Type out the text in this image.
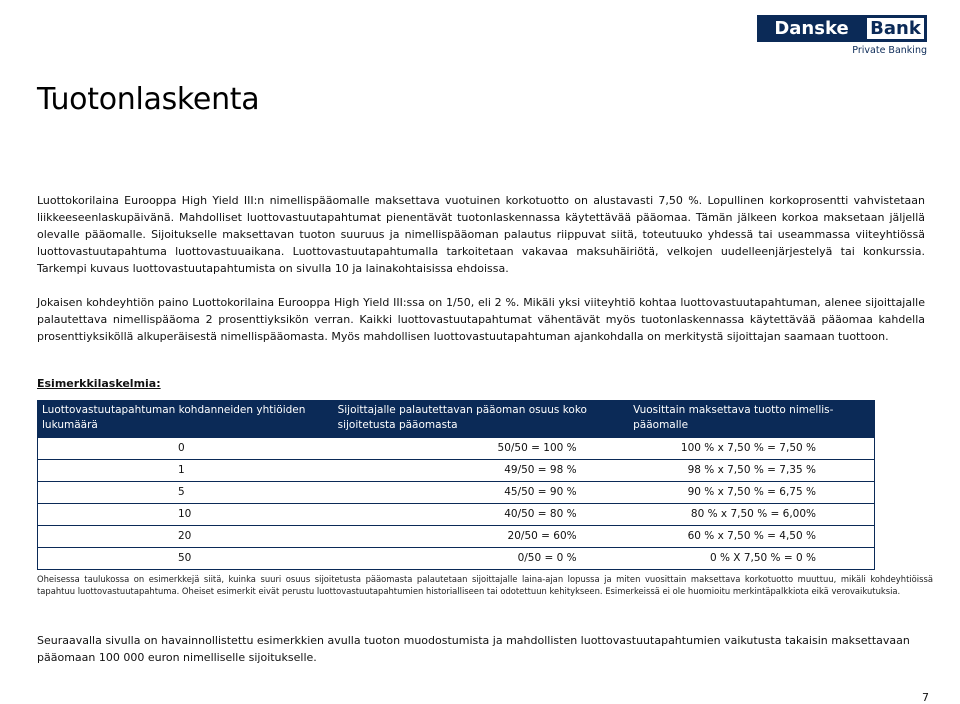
Danske	Bank
Private Banking
Tuotonlaskenta

Luottokorilaina Eurooppa High Yield III:n nimellispääomalle maksettava vuotuinen korkotuotto on alustavasti 7,50 %. Lopullinen korkoprosentti vahvistetaan liikkeeseenlaskupäivänä. Mahdolliset luottovastuutapahtumat pienentävät tuotonlaskennassa käytettävää pääomaa. Tämän jälkeen korkoa maksetaan jäljellä olevalle pääomalle. Sijoitukselle maksettavan tuoton suuruus ja nimellispääoman palautus riippuvat siitä, toteutuuko yhdessä tai useammassa viiteyhtiössä luottovastuutapahtuma luottovastuuaikana. Luottovastuutapahtumalla tarkoitetaan vakavaa maksuhäiriötä, velkojen uudelleenjärjestelyä tai konkurssia. Tarkempi kuvaus luottovastuutapahtumista on sivulla 10 ja lainakohtaisissa ehdoissa.

Jokaisen kohdeyhtiön paino Luottokorilaina Eurooppa High Yield III:ssa on 1/50, eli 2 %. Mikäli yksi viiteyhtiö kohtaa luottovastuutapahtuman, alenee sijoittajalle palautettava nimellispääoma 2 prosenttiyksikön verran. Kaikki luottovastuutapahtumat vähentävät myös tuotonlaskennassa käytettävää pääomaa kahdella prosenttiyksiköllä alkuperäisestä nimellispääomasta. Myös mahdollisen luottovastuutapahtuman ajankohdalla on merkitystä sijoittajan saamaan tuottoon.

Esimerkkilaskelmia:
Luottovastuutapahtuman kohdanneiden yhtiöiden lukumäärä	Sijoittajalle palautettavan pääoman osuus koko sijoitetusta pääomasta	Vuosittain maksettava tuotto nimellis-pääomalle
0	50/50 = 100 %	100 % x 7,50 % = 7,50 %
1	49/50 = 98 %	98 % x 7,50 % = 7,35 %
5	45/50 = 90 %	90 % x 7,50 % = 6,75 %
10	40/50 = 80 %	80 % x 7,50 % = 6,00%
20	20/50 = 60%	60 % x 7,50 % = 4,50 %
50	0/50 = 0 %	0 % X 7,50 % = 0 %

Oheisessa taulukossa on esimerkkejä siitä, kuinka suuri osuus sijoitetusta pääomasta palautetaan sijoittajalle laina-ajan lopussa ja miten vuosittain maksettava korkotuotto muuttuu, mikäli kohdeyhtiöissä tapahtuu luottovastuutapahtuma. Oheiset esimerkit eivät perustu luottovastuutapahtumien historialliseen tai odotettuun kehitykseen. Esimerkeissä ei ole huomioitu merkintäpalkkiota eikä verovaikutuksia.

Seuraavalla sivulla on havainnollistettu esimerkkien avulla tuoton muodostumista ja mahdollisten luottovastuutapahtumien vaikutusta takaisin maksettavaan pääomaan 100 000 euron nimelliselle sijoitukselle.

7
